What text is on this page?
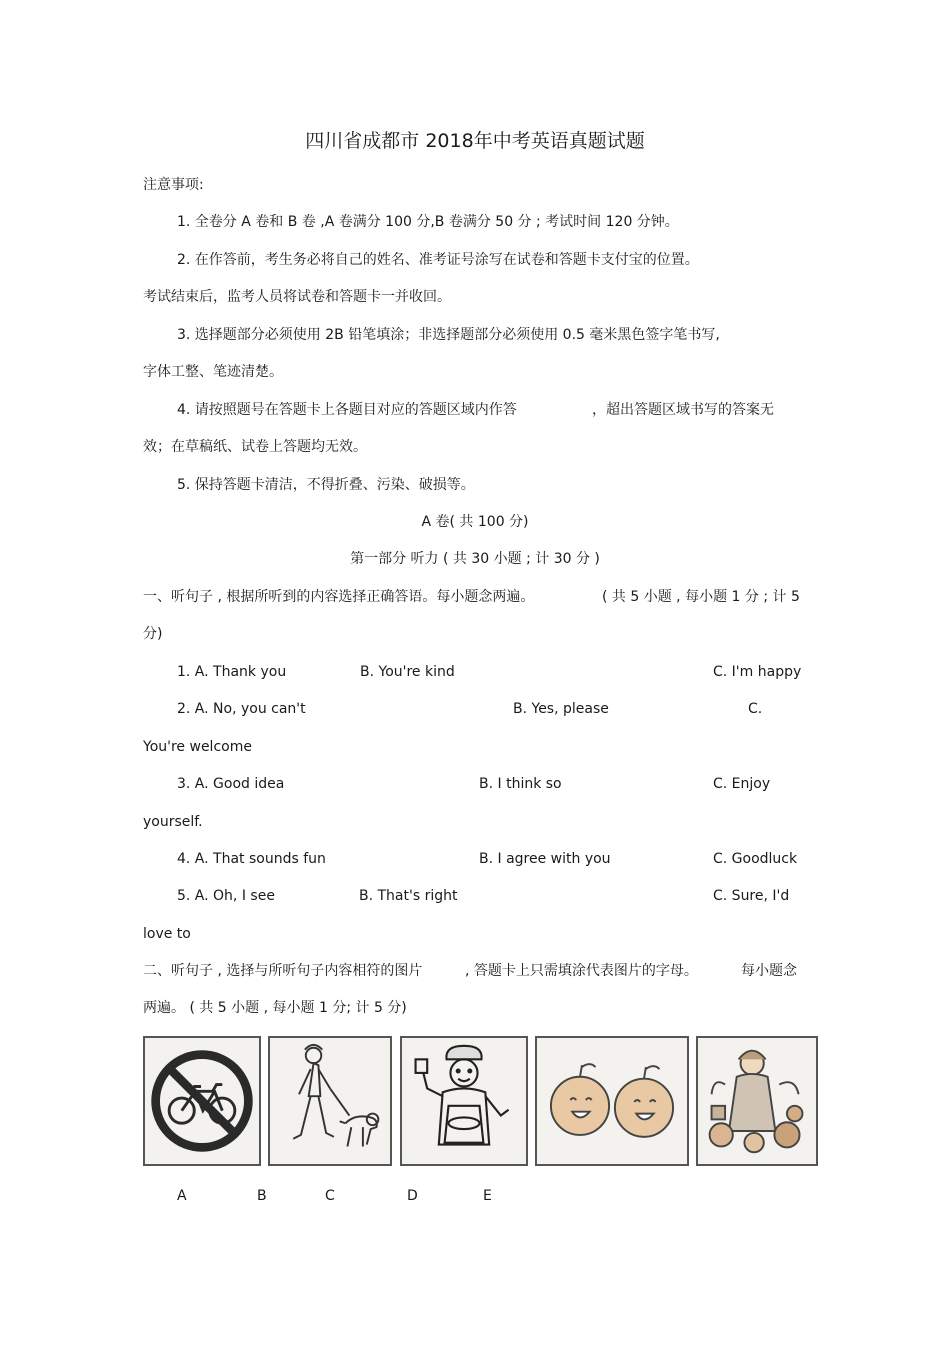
四川省成都市 2018年中考英语真题试题
注意事项:
1. 全卷分 A 卷和 B 卷 ,A 卷满分 100 分,B 卷满分 50 分 ; 考试时间 120 分钟。
2. 在作答前，考生务必将自己的姓名、准考证号涂写在试卷和答题卡支付宝的位置。
考试结束后，监考人员将试卷和答题卡一并收回。
3. 选择题部分必须使用 2B 铅笔填涂；非选择题部分必须使用 0.5 毫米黑色签字笔书写,
字体工整、笔迹清楚。
4. 请按照题号在答题卡上各题目对应的答题区域内作答	，超出答题区域书写的答案无
效；在草稿纸、试卷上答题均无效。
5. 保持答题卡清洁，不得折叠、污染、破损等。
A 卷( 共 100 分)
第一部分 听力 ( 共 30 小题 ; 计 30 分 )
一、听句子 , 根据所听到的内容选择正确答语。每小题念两遍。	( 共 5 小题 , 每小题 1 分 ; 计 5
分)
1. A. Thank you	B. You're kind	C. I'm happy
2. A. No, you can't	B. Yes, please	C.
You're welcome
3. A. Good idea	B. I think so	C. Enjoy
yourself.
4. A. That sounds fun	B. I agree with you	C. Goodluck
5. A. Oh, I see	B. That's right	C. Sure, I'd
love to
二、听句子 , 选择与所听句子内容相符的图片	, 答题卡上只需填涂代表图片的字母。	每小题念
两遍。 ( 共 5 小题 , 每小题 1 分; 计 5 分)
A	B	C	D	E
